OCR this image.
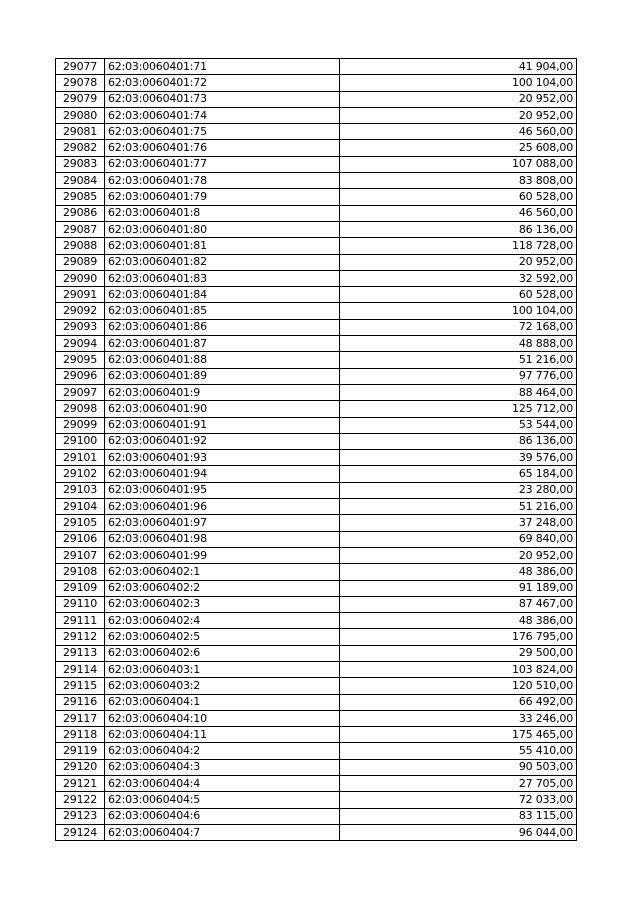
29077	62:03:0060401:71	41 904,00
29078	62:03:0060401:72	100 104,00
29079	62:03:0060401:73	20 952,00
29080	62:03:0060401:74	20 952,00
29081	62:03:0060401:75	46 560,00
29082	62:03:0060401:76	25 608,00
29083	62:03:0060401:77	107 088,00
29084	62:03:0060401:78	83 808,00
29085	62:03:0060401:79	60 528,00
29086	62:03:0060401:8	46 560,00
29087	62:03:0060401:80	86 136,00
29088	62:03:0060401:81	118 728,00
29089	62:03:0060401:82	20 952,00
29090	62:03:0060401:83	32 592,00
29091	62:03:0060401:84	60 528,00
29092	62:03:0060401:85	100 104,00
29093	62:03:0060401:86	72 168,00
29094	62:03:0060401:87	48 888,00
29095	62:03:0060401:88	51 216,00
29096	62:03:0060401:89	97 776,00
29097	62:03:0060401:9	88 464,00
29098	62:03:0060401:90	125 712,00
29099	62:03:0060401:91	53 544,00
29100	62:03:0060401:92	86 136,00
29101	62:03:0060401:93	39 576,00
29102	62:03:0060401:94	65 184,00
29103	62:03:0060401:95	23 280,00
29104	62:03:0060401:96	51 216,00
29105	62:03:0060401:97	37 248,00
29106	62:03:0060401:98	69 840,00
29107	62:03:0060401:99	20 952,00
29108	62:03:0060402:1	48 386,00
29109	62:03:0060402:2	91 189,00
29110	62:03:0060402:3	87 467,00
29111	62:03:0060402:4	48 386,00
29112	62:03:0060402:5	176 795,00
29113	62:03:0060402:6	29 500,00
29114	62:03:0060403:1	103 824,00
29115	62:03:0060403:2	120 510,00
29116	62:03:0060404:1	66 492,00
29117	62:03:0060404:10	33 246,00
29118	62:03:0060404:11	175 465,00
29119	62:03:0060404:2	55 410,00
29120	62:03:0060404:3	90 503,00
29121	62:03:0060404:4	27 705,00
29122	62:03:0060404:5	72 033,00
29123	62:03:0060404:6	83 115,00
29124	62:03:0060404:7	96 044,00
